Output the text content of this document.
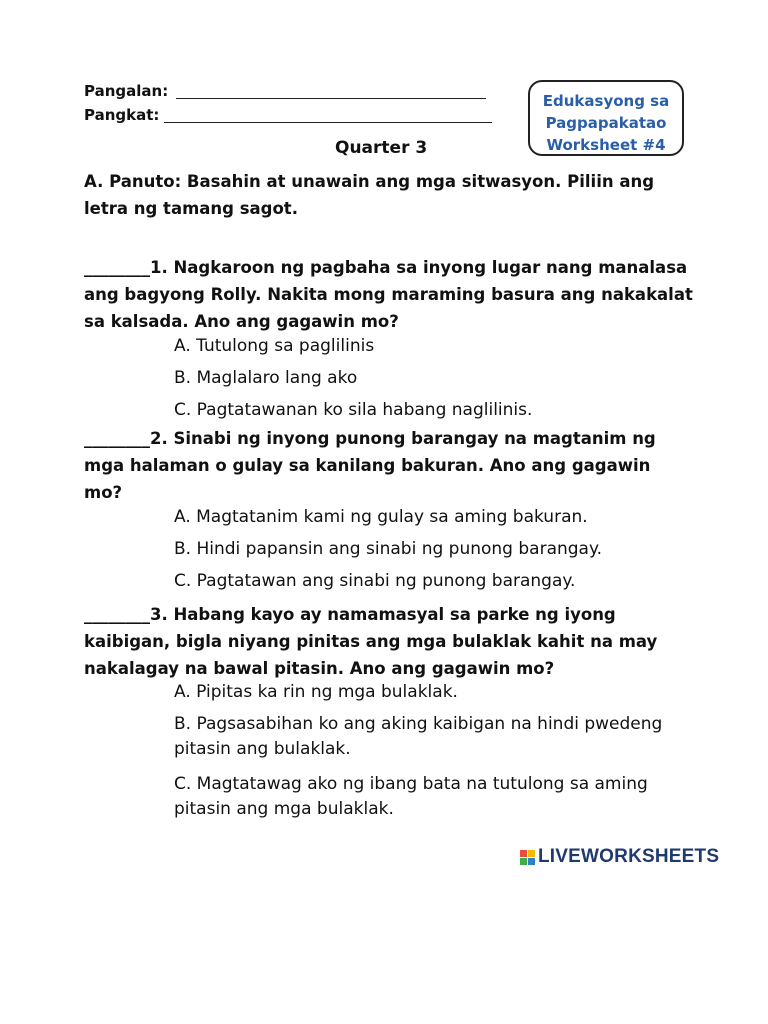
Pangalan:
Pangkat:
Edukasyong sa
Pagpapakatao
Worksheet #4
Quarter 3
A. Panuto: Basahin at unawain ang mga sitwasyon. Piliin ang letra ng tamang sagot.
________1. Nagkaroon ng pagbaha sa inyong lugar nang manalasa ang bagyong Rolly. Nakita mong maraming basura ang nakakalat sa kalsada. Ano ang gagawin mo?
A. Tutulong sa paglilinis
B. Maglalaro lang ako
C. Pagtatawanan ko sila habang naglilinis.
________2. Sinabi ng inyong punong barangay na magtanim ng mga halaman o gulay sa kanilang bakuran. Ano ang gagawin mo?
A. Magtatanim kami ng gulay sa aming bakuran.
B. Hindi papansin ang sinabi ng punong barangay.
C. Pagtatawan ang sinabi ng punong barangay.
________3. Habang kayo ay namamasyal sa parke ng iyong kaibigan, bigla niyang pinitas ang mga bulaklak kahit na may nakalagay na bawal pitasin. Ano ang gagawin mo?
A. Pipitas ka rin ng mga bulaklak.
B. Pagsasabihan ko ang aking kaibigan na hindi pwedeng pitasin ang bulaklak.
C. Magtatawag ako ng ibang bata na tutulong sa aming pitasin ang mga bulaklak.
LIVEWORKSHEETS
